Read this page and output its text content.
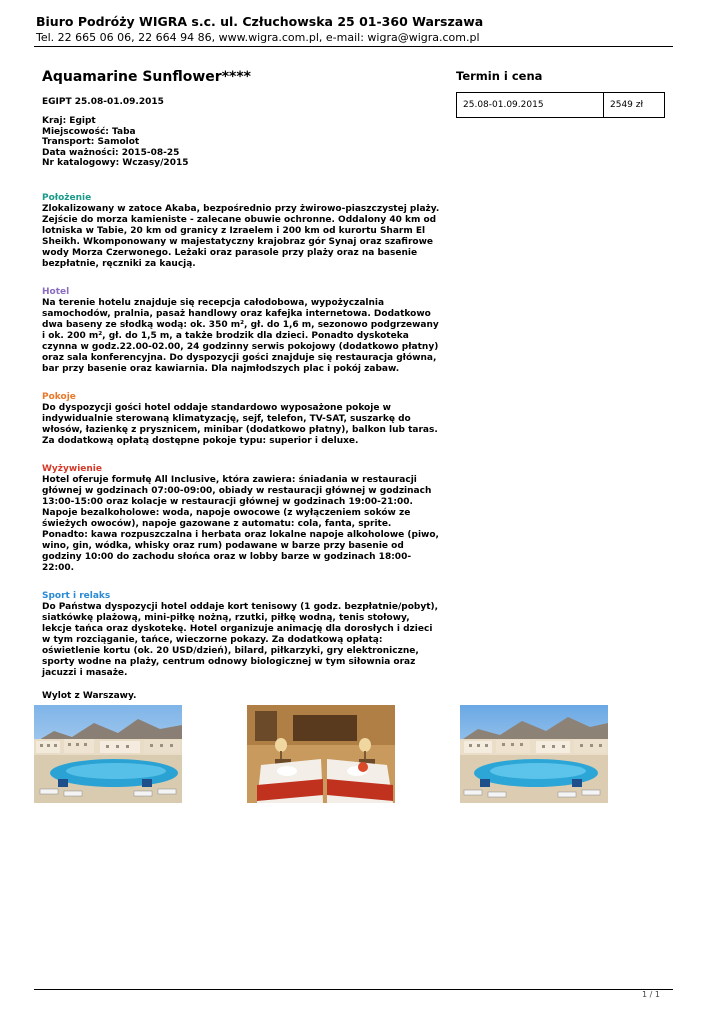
Biuro Podróży WIGRA s.c. ul. Człuchowska 25 01-360 Warszawa
Tel. 22 665 06 06, 22 664 94 86, www.wigra.com.pl, e-mail: wigra@wigra.com.pl
Aquamarine Sunflower****
EGIPT 25.08-01.09.2015
Kraj: Egipt
Miejscowość: Taba
Transport: Samolot
Data ważności: 2015-08-25
Nr katalogowy: Wczasy/2015
Położenie
Zlokalizowany w zatoce Akaba, bezpośrednio przy żwirowo-piaszczystej plaży. Zejście do morza kamieniste - zalecane obuwie ochronne. Oddalony 40 km od lotniska w Tabie, 20 km od granicy z Izraelem i 200 km od kurortu Sharm El Sheikh. Wkomponowany w majestatyczny krajobraz gór Synaj oraz szafirowe wody Morza Czerwonego. Leżaki oraz parasole przy plaży oraz na basenie bezpłatnie, ręczniki za kaucją.
Hotel
Na terenie hotelu znajduje się recepcja całodobowa, wypożyczalnia samochodów, pralnia, pasaż handlowy oraz kafejka internetowa. Dodatkowo dwa baseny ze słodką wodą: ok. 350 m², gł. do 1,6 m, sezonowo podgrzewany i ok. 200 m², gł. do 1,5 m, a także brodzik dla dzieci. Ponadto dyskoteka czynna w godz.22.00-02.00, 24 godzinny serwis pokojowy (dodatkowo płatny) oraz sala konferencyjna. Do dyspozycji gości znajduje się restauracja główna, bar przy basenie oraz kawiarnia. Dla najmłodszych plac i pokój zabaw.
Pokoje
Do dyspozycji gości hotel oddaje standardowo wyposażone pokoje w indywidualnie sterowaną klimatyzację, sejf, telefon, TV-SAT, suszarkę do włosów, łazienkę z prysznicem, minibar (dodatkowo płatny), balkon lub taras. Za dodatkową opłatą dostępne pokoje typu: superior i deluxe.
Wyżywienie
Hotel oferuje formułę All Inclusive, która zawiera: śniadania w restauracji głównej w godzinach 07:00-09:00, obiady w restauracji głównej w godzinach 13:00-15:00 oraz kolacje w restauracji głównej w godzinach 19:00-21:00. Napoje bezalkoholowe: woda, napoje owocowe (z wyłączeniem soków ze świeżych owoców), napoje gazowane z automatu: cola, fanta, sprite. Ponadto: kawa rozpuszczalna i herbata oraz lokalne napoje alkoholowe (piwo, wino, gin, wódka, whisky oraz rum) podawane w barze przy basenie od godziny 10:00 do zachodu słońca oraz w lobby barze w godzinach 18:00-22:00.
Sport i relaks
Do Państwa dyspozycji hotel oddaje kort tenisowy (1 godz. bezpłatnie/pobyt), siatkówkę plażową, mini-piłkę nożną, rzutki, piłkę wodną, tenis stołowy, lekcje tańca oraz dyskotekę. Hotel organizuje animację dla dorosłych i dzieci w tym rozciąganie, tańce, wieczorne pokazy. Za dodatkową opłatą: oświetlenie kortu (ok. 20 USD/dzień), bilard, piłkarzyki, gry elektroniczne, sporty wodne na plaży, centrum odnowy biologicznej w tym siłownia oraz jacuzzi i masaże.
Wylot z Warszawy.
Termin i cena
25.08-01.09.2015	2549 zł
1 / 1
